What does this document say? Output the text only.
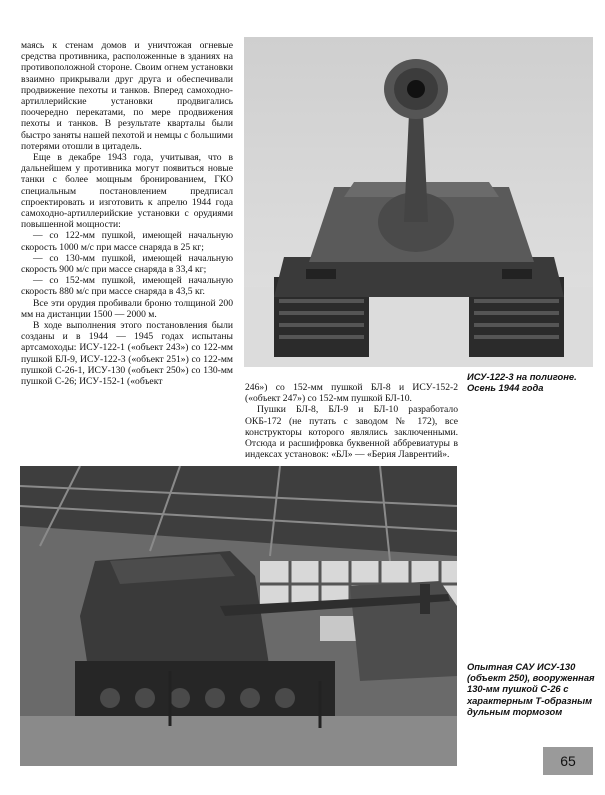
маясь к стенам домов и уничтожая огневые средства противника, расположенные в зданиях на противоположной стороне. Своим огнем установки взаимно прикрывали друг друга и обеспечивали продвижение пехоты и танков. Вперед самоходно-артиллерийские установки продвигались поочередно перекатами, по мере продвижения пехоты и танков. В результате кварталы были быстро заняты нашей пехотой и немцы с большими потерями отошли в цитадель.

Еще в декабре 1943 года, учитывая, что в дальнейшем у противника могут появиться новые танки с более мощным бронированием, ГКО специальным постановлением предписал спроектировать и изготовить к апрелю 1944 года самоходно-артиллерийские установки с орудиями повышенной мощности:

— со 122-мм пушкой, имеющей начальную скорость 1000 м/с при массе снаряда в 25 кг;

— со 130-мм пушкой, имеющей начальную скорость 900 м/с при массе снаряда в 33,4 кг;

— со 152-мм пушкой, имеющей начальную скорость 880 м/с при массе снаряда в 43,5 кг.

Все эти орудия пробивали броню толщиной 200 мм на дистанции 1500 — 2000 м.

В ходе выполнения этого постановления были созданы и в 1944 — 1945 годах испытаны артсамоходы: ИСУ-122-1 («объект 243») со 122-мм пушкой БЛ-9, ИСУ-122-3 («объект 251») со 122-мм пушкой С-26-1, ИСУ-130 («объект 250») со 130-мм пушкой С-26; ИСУ-152-1 («объект	ИСУ-122-3 на полигоне. Осень 1944 года

246») со 152-мм пушкой БЛ-8 и ИСУ-152-2 («объект 247») со 152-мм пушкой БЛ-10.

Пушки БЛ-8, БЛ-9 и БЛ-10 разработало ОКБ-172 (не путать с заводом № 172), все конструкторы которого являлись заключенными. Отсюда и расшифровка буквенной аббревиатуры в индексах установок: «БЛ» — «Берия Лаврентий».

Опытная САУ ИСУ-130 (объект 250), вооруженная 130-мм пушкой С-26 с характерным Т-образным дульным тормозом
65
